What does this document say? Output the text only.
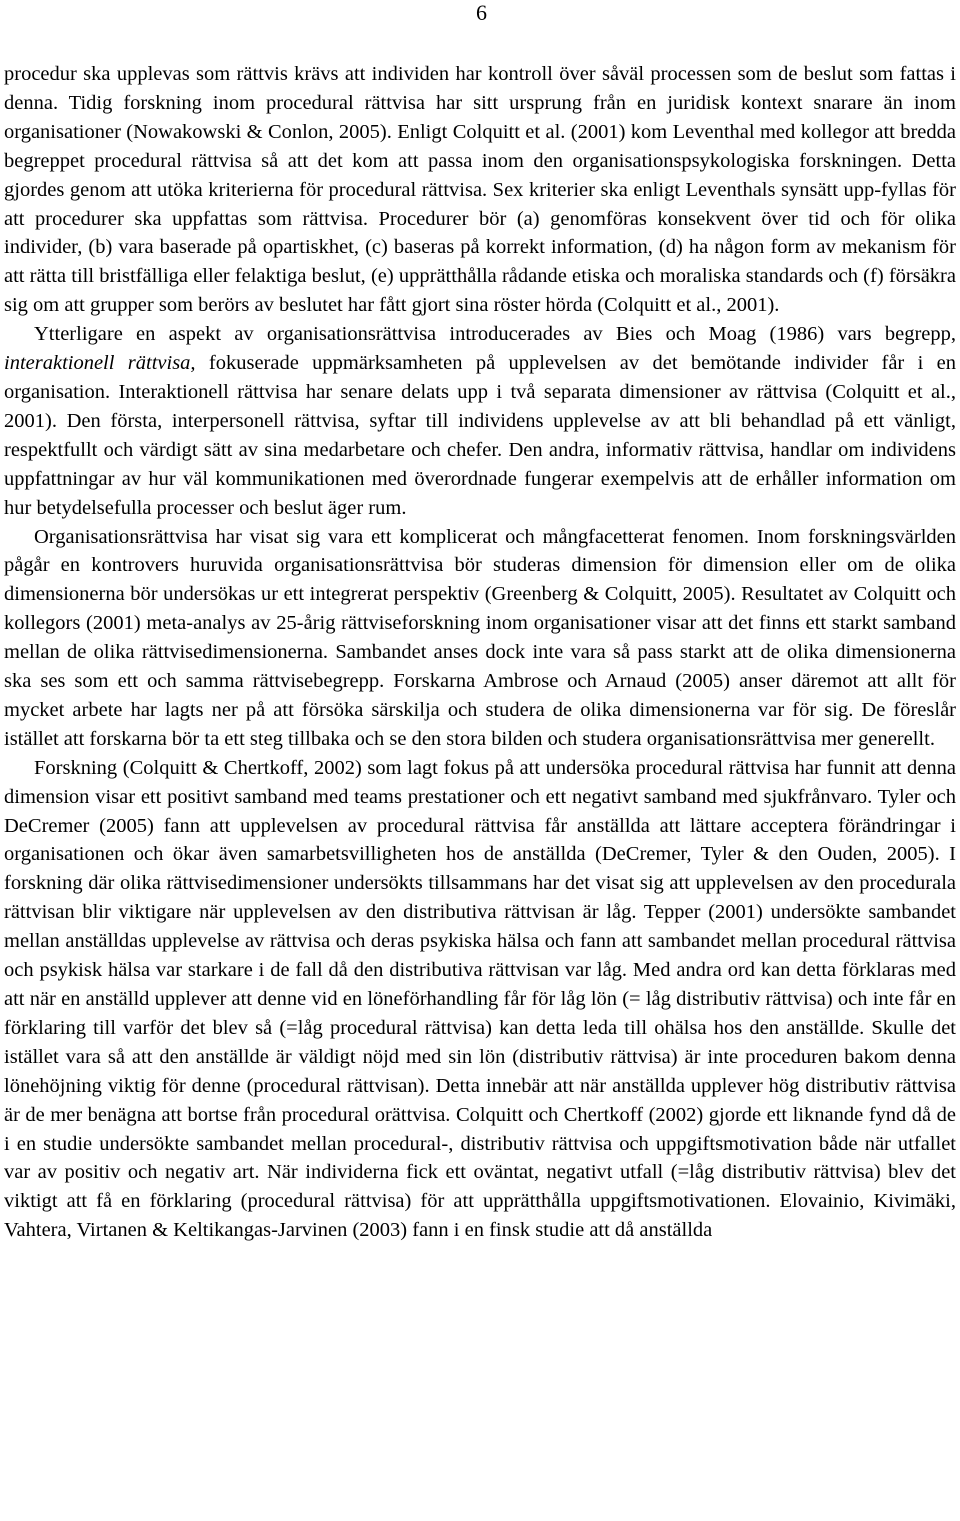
6

procedur ska upplevas som rättvis krävs att individen har kontroll över såväl processen som de beslut som fattas i denna. Tidig forskning inom procedural rättvisa har sitt ursprung från en juridisk kontext snarare än inom organisationer (Nowakowski & Conlon, 2005). Enligt Colquitt et al. (2001) kom Leventhal med kollegor att bredda begreppet procedural rättvisa så att det kom att passa inom den organisationspsykologiska forskningen. Detta gjordes genom att utöka kriterierna för procedural rättvisa. Sex kriterier ska enligt Leventhals synsätt upp-fyllas för att procedurer ska uppfattas som rättvisa. Procedurer bör (a) genomföras konsekvent över tid och för olika individer, (b) vara baserade på opartiskhet, (c) baseras på korrekt information, (d) ha någon form av mekanism för att rätta till bristfälliga eller felaktiga beslut, (e) upprätthålla rådande etiska och moraliska standards och (f) försäkra sig om att grupper som berörs av beslutet har fått gjort sina röster hörda (Colquitt et al., 2001).

Ytterligare en aspekt av organisationsrättvisa introducerades av Bies och Moag (1986) vars begrepp, interaktionell rättvisa, fokuserade uppmärksamheten på upplevelsen av det bemötande individer får i en organisation. Interaktionell rättvisa har senare delats upp i två separata dimensioner av rättvisa (Colquitt et al., 2001). Den första, interpersonell rättvisa, syftar till individens upplevelse av att bli behandlad på ett vänligt, respektfullt och värdigt sätt av sina medarbetare och chefer. Den andra, informativ rättvisa, handlar om individens uppfattningar av hur väl kommunikationen med överordnade fungerar exempelvis att de erhåller information om hur betydelsefulla processer och beslut äger rum.

Organisationsrättvisa har visat sig vara ett komplicerat och mångfacetterat fenomen. Inom forskningsvärlden pågår en kontrovers huruvida organisationsrättvisa bör studeras dimension för dimension eller om de olika dimensionerna bör undersökas ur ett integrerat perspektiv (Greenberg & Colquitt, 2005). Resultatet av Colquitt och kollegors (2001) meta-analys av 25-årig rättviseforskning inom organisationer visar att det finns ett starkt samband mellan de olika rättvisedimensionerna. Sambandet anses dock inte vara så pass starkt att de olika dimensionerna ska ses som ett och samma rättvisebegrepp. Forskarna Ambrose och Arnaud (2005) anser däremot att allt för mycket arbete har lagts ner på att försöka särskilja och studera de olika dimensionerna var för sig. De föreslår istället att forskarna bör ta ett steg tillbaka och se den stora bilden och studera organisationsrättvisa mer generellt.

Forskning (Colquitt & Chertkoff, 2002) som lagt fokus på att undersöka procedural rättvisa har funnit att denna dimension visar ett positivt samband med teams prestationer och ett negativt samband med sjukfrånvaro. Tyler och DeCremer (2005) fann att upplevelsen av procedural rättvisa får anställda att lättare acceptera förändringar i organisationen och ökar även samarbetsvilligheten hos de anställda (DeCremer, Tyler & den Ouden, 2005). I forskning där olika rättvisedimensioner undersökts tillsammans har det visat sig att upplevelsen av den procedurala rättvisan blir viktigare när upplevelsen av den distributiva rättvisan är låg. Tepper (2001) undersökte sambandet mellan anställdas upplevelse av rättvisa och deras psykiska hälsa och fann att sambandet mellan procedural rättvisa och psykisk hälsa var starkare i de fall då den distributiva rättvisan var låg. Med andra ord kan detta förklaras med att när en anställd upplever att denne vid en löneförhandling får för låg lön (= låg distributiv rättvisa) och inte får en förklaring till varför det blev så (=låg procedural rättvisa) kan detta leda till ohälsa hos den anställde. Skulle det istället vara så att den anställde är väldigt nöjd med sin lön (distributiv rättvisa) är inte proceduren bakom denna lönehöjning viktig för denne (procedural rättvisan). Detta innebär att när anställda upplever hög distributiv rättvisa är de mer benägna att bortse från procedural orättvisa. Colquitt och Chertkoff (2002) gjorde ett liknande fynd då de i en studie undersökte sambandet mellan procedural-, distributiv rättvisa och uppgiftsmotivation både när utfallet var av positiv och negativ art. När individerna fick ett oväntat, negativt utfall (=låg distributiv rättvisa) blev det viktigt att få en förklaring (procedural rättvisa) för att upprätthålla uppgiftsmotivationen. Elovainio, Kivimäki, Vahtera, Virtanen & Keltikangas-Jarvinen (2003) fann i en finsk studie att då anställda
